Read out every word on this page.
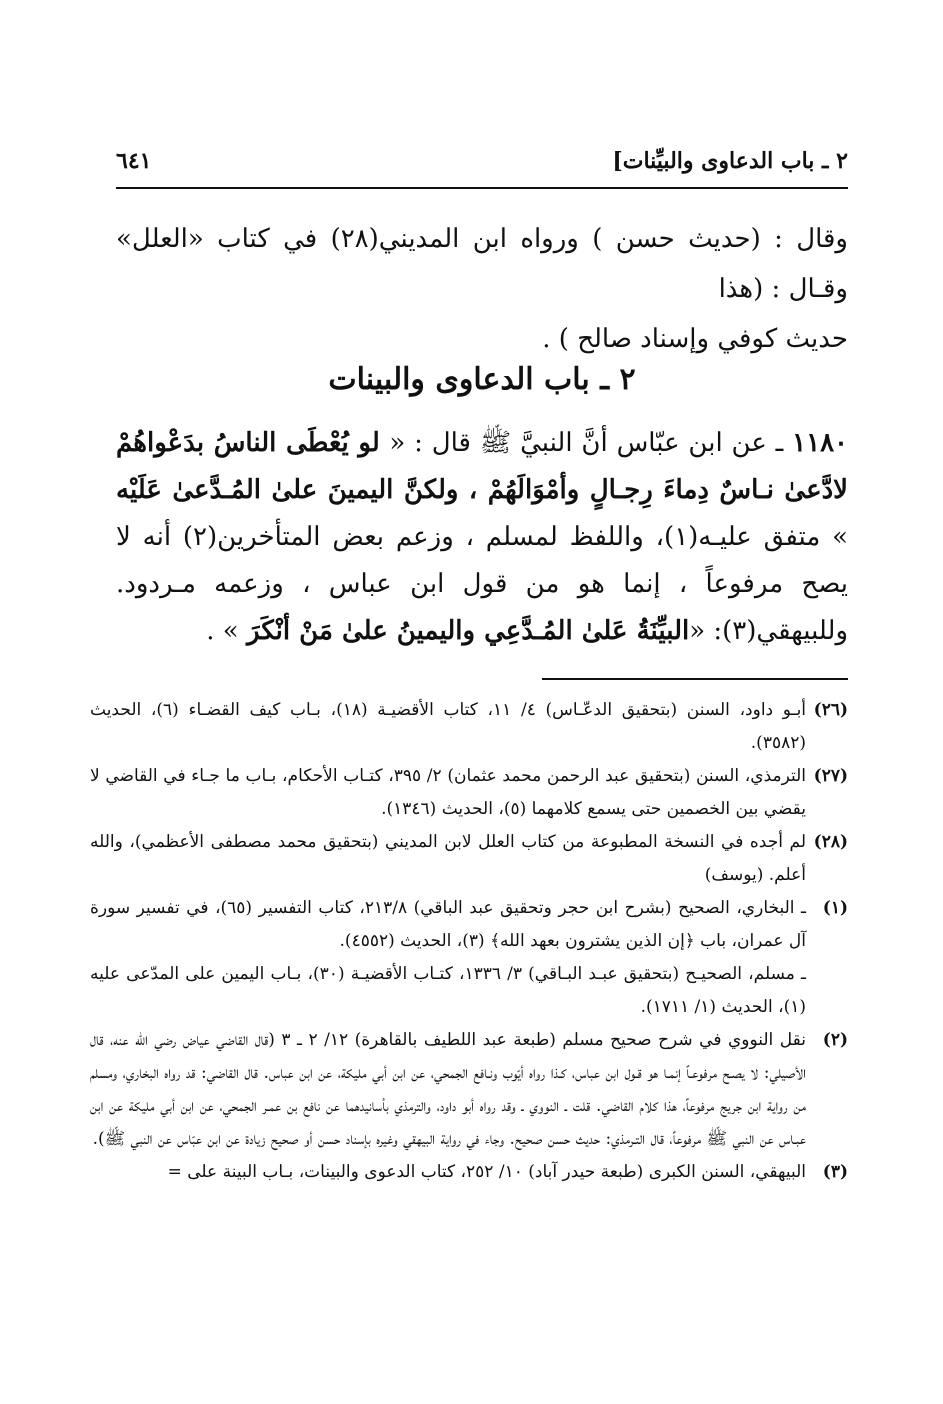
٢ ـ باب الدعاوى والبيِّنات]
٦٤١
وقال : (حديث حسن ) ورواه ابن المديني(٢٨) في كتاب «العلل» وقـال : (هذا
حديث كوفي وإسناد صالح ) .
٢ ـ باب الدعاوى والبينات
١١٨٠ ـ عن ابن عبّاس أنَّ النبيَّ ﷺ قال : « لو يُعْطَى الناسُ بدَعْواهُمْ لادَّعىٰ نـاسٌ دِماءَ رِجـالٍ وأمْوَالَهُمْ ، ولكنَّ اليمينَ علىٰ المُـدَّعىٰ عَلَيْه » متفق عليـه(١)، واللفظ لمسلم ، وزعم بعض المتأخرين(٢) أنه لا يصح مرفوعاً ، إنما هو من قول ابن عباس ، وزعمه مـردود. وللبيهقي(٣): «البيِّنَةُ عَلىٰ المُـدَّعِي واليمينُ علىٰ مَنْ أنْكَرَ » .
(٢٦)
أبـو داود، السنن (بتحقيق الدعّـاس) ٤/ ١١، كتاب الأقضيـة (١٨)، بـاب كيف القضـاء (٦)، الحديث (٣٥٨٢).
(٢٧)
الترمذي، السنن (بتحقيق عبد الرحمن محمد عثمان) ٢/ ٣٩٥، كتـاب الأحكام، بـاب ما جـاء في القاضي لا يقضي بين الخصمين حتى يسمع كلامهما (٥)، الحديث (١٣٤٦).
(٢٨)
لم أجده في النسخة المطبوعة من كتاب العلل لابن المديني (بتحقيق محمد مصطفى الأعظمي)، والله أعلم. (يوسف)
(١)
ـ البخاري، الصحيح (بشرح ابن حجر وتحقيق عبد الباقي) ٢١٣/٨، كتاب التفسير (٦٥)، في تفسير سورة آل عمران، باب ﴿إن الذين يشترون بعهد الله﴾ (٣)، الحديث (٤٥٥٢).
ـ مسلم، الصحيـح (بتحقيق عبـد البـاقي) ٣/ ١٣٣٦، كتـاب الأقضيـة (٣٠)، بـاب اليمين على المدّعى عليه (١)، الحديث (١/ ١٧١١).
(٢)
نقل النووي في شرح صحيح مسلم (طبعة عبد اللطيف بالقاهرة) ١٢/ ٢ ـ ٣ (قال القاضي عياض رضي الله عنه، قال الأصيلي: لا يصـح مرفوعـاً إنمـا هو قـول ابن عباس، كـذا رواه أيّوب ونـافع الجمحي، عن ابن أبي مليكة، عن ابن عباس. قال القاضي: قد رواه البخاري، ومسلم من رواية ابن جريج مرفوعاً، هذا كلام القاضي. قلت ـ النووي ـ وقد رواه أبو داود، والترمذي بأسانيدهما عن نافع بن عمـر الجمحي، عن ابن أبي مليكة عن ابن عبـاس عن النبي ﷺ مرفوعاً، قال التـرمذي: حديث حسن صحيح. وجاء في رواية البيهقي وغيره بإسناد حسن أو صحيح زيادة عن ابن عبّاس عن النبي ﷺ).
(٣)
البيهقي، السنن الكبرى (طبعة حيدر آباد) ١٠/ ٢٥٢، كتاب الدعوى والبينات، بـاب البينة على =
